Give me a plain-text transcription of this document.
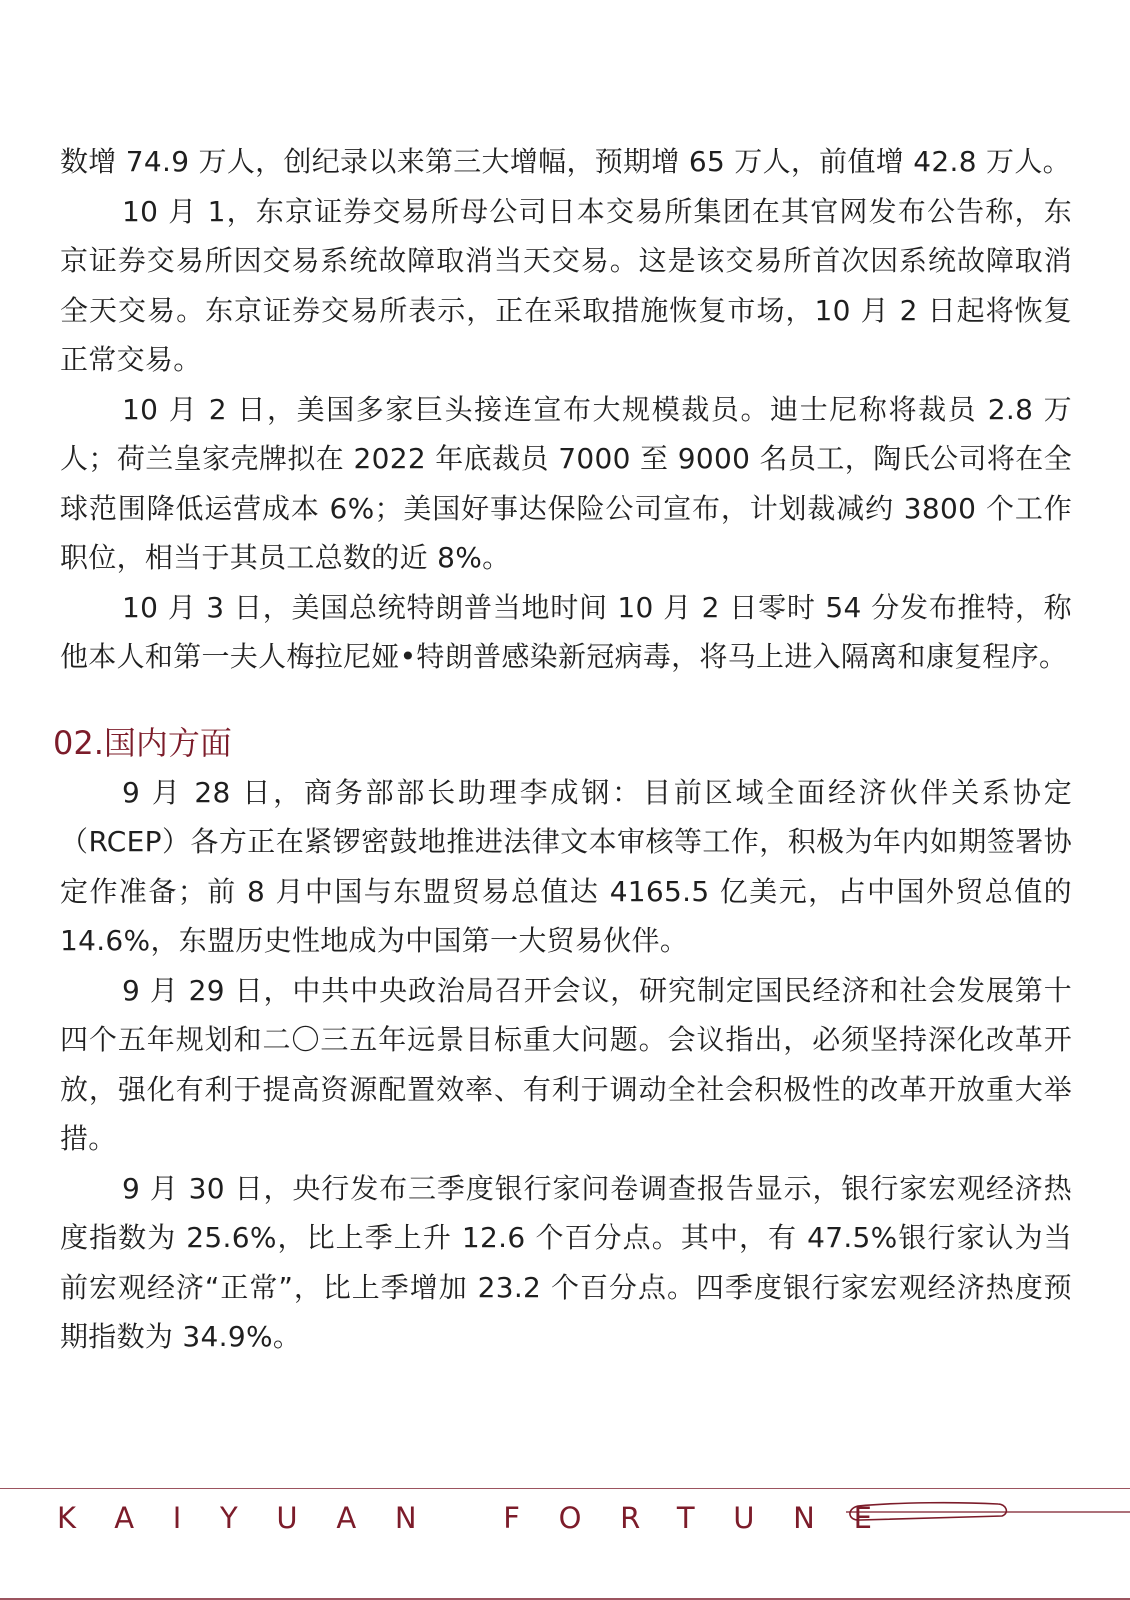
数增 74.9 万人，创纪录以来第三大增幅，预期增 65 万人，前值增 42.8 万人。

10 月 1，东京证券交易所母公司日本交易所集团在其官网发布公告称，东京证券交易所因交易系统故障取消当天交易。这是该交易所首次因系统故障取消全天交易。东京证券交易所表示，正在采取措施恢复市场，10 月 2 日起将恢复正常交易。

10 月 2 日，美国多家巨头接连宣布大规模裁员。迪士尼称将裁员 2.8 万人；荷兰皇家壳牌拟在 2022 年底裁员 7000 至 9000 名员工，陶氏公司将在全球范围降低运营成本 6%；美国好事达保险公司宣布，计划裁减约 3800 个工作职位，相当于其员工总数的近 8%。

10 月 3 日，美国总统特朗普当地时间 10 月 2 日零时 54 分发布推特，称他本人和第一夫人梅拉尼娅•特朗普感染新冠病毒，将马上进入隔离和康复程序。

02.国内方面

9 月 28 日，商务部部长助理李成钢：目前区域全面经济伙伴关系协定（RCEP）各方正在紧锣密鼓地推进法律文本审核等工作，积极为年内如期签署协定作准备；前 8 月中国与东盟贸易总值达 4165.5 亿美元，占中国外贸总值的 14.6%，东盟历史性地成为中国第一大贸易伙伴。

9 月 29 日，中共中央政治局召开会议，研究制定国民经济和社会发展第十四个五年规划和二〇三五年远景目标重大问题。会议指出，必须坚持深化改革开放，强化有利于提高资源配置效率、有利于调动全社会积极性的改革开放重大举措。

9 月 30 日，央行发布三季度银行家问卷调查报告显示，银行家宏观经济热度指数为 25.6%，比上季上升 12.6 个百分点。其中，有 47.5%银行家认为当前宏观经济“正常”，比上季增加 23.2 个百分点。四季度银行家宏观经济热度预期指数为 34.9%。

KAIYUAN FORTUNE
